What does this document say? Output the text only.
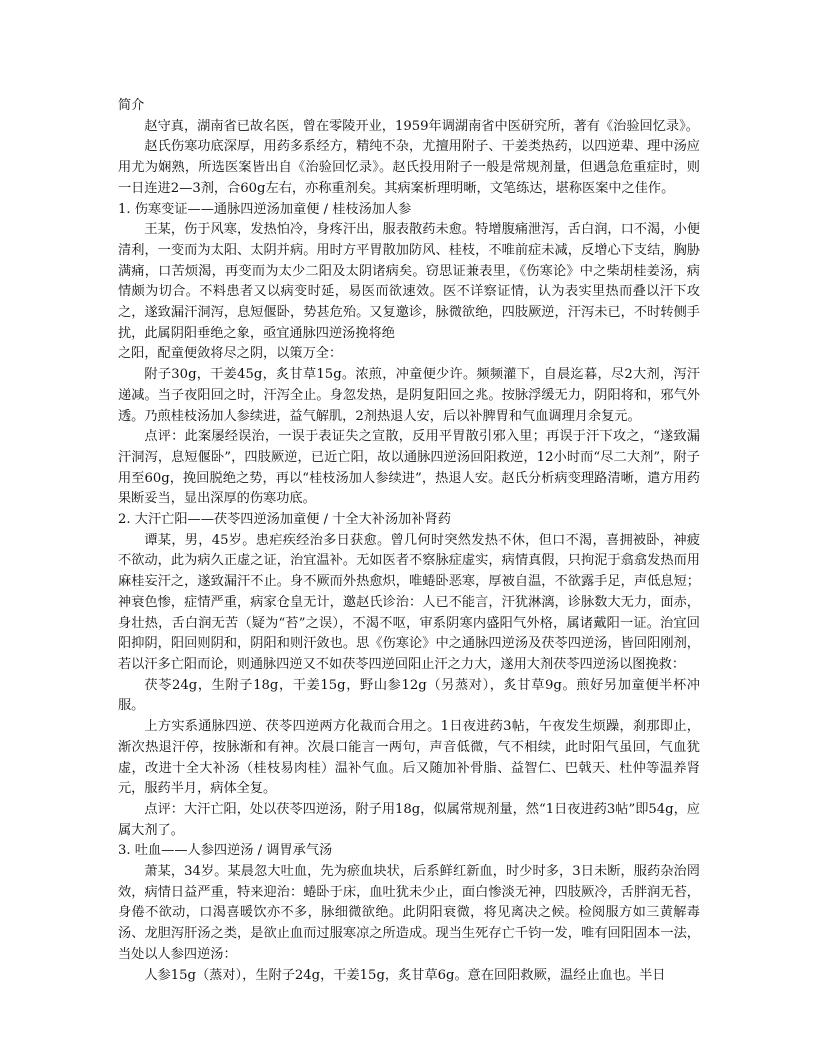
简介

赵守真，湖南省已故名医，曾在零陵开业，1959年调湖南省中医研究所，著有《治验回忆录》。

赵氏伤寒功底深厚，用药多系经方，精纯不杂，尤擅用附子、干姜类热药，以四逆辈、理中汤应用尤为娴熟，所选医案皆出自《治验回忆录》。赵氏投用附子一般是常规剂量，但遇急危重症时，则一日连进2—3剂，合60g左右，亦称重剂矣。其病案析理明晰，文笔练达，堪称医案中之佳作。

1. 伤寒变证——通脉四逆汤加童便 / 桂枝汤加人参

王某，伤于风寒，发热怕冷，身疼汗出，服表散药未愈。特增腹痛泄泻，舌白润，口不渴，小便清利，一变而为太阳、太阴并病。用时方平胃散加防风、桂枝，不唯前症未减，反增心下支结，胸胁满痛，口苦烦渴，再变而为太少二阳及太阴诸病矣。窃思证兼表里，《伤寒论》中之柴胡桂姜汤，病情颇为切合。不料患者又以病变时延，易医而欲速效。医不详察证情，认为表实里热而叠以汗下攻之，遂致漏汗洞泻，息短偃卧，势甚危殆。又复邀诊，脉微欲绝，四肢厥逆，汗泻未已，不时转侧手扰，此属阴阳垂绝之象，亟宜通脉四逆汤挽将绝

之阳，配童便敛将尽之阴，以策万全：

附子30g，干姜45g，炙甘草15g。浓煎，冲童便少许。频频灌下，自晨迄暮，尽2大剂，泻汗递减。当子夜阳回之时，汗泻全止。身忽发热，是阴复阳回之兆。按脉浮缓无力，阴阳将和，邪气外透。乃煎桂枝汤加人参续进，益气解肌，2剂热退人安，后以补脾胃和气血调理月余复元。

点评：此案屡经误治，一误于表证失之宣散，反用平胃散引邪入里；再误于汗下攻之，“遂致漏汗洞泻，息短偃卧”，四肢厥逆，已近亡阳，故以通脉四逆汤回阳救逆，12小时而“尽二大剂”，附子用至60g，挽回脱绝之势，再以“桂枝汤加人参续进”，热退人安。赵氏分析病变理路清晰，遣方用药果断妥当，显出深厚的伤寒功底。

2. 大汗亡阳——茯苓四逆汤加童便 / 十全大补汤加补肾药

谭某，男，45岁。患疟疾经治多日获愈。曾几何时突然发热不休，但口不渴，喜拥被卧，神疲不欲动，此为病久正虚之证，治宜温补。无如医者不察脉症虚实，病情真假，只拘泥于翕翕发热而用麻桂妄汗之，遂致漏汗不止。身不厥而外热愈炽，唯蜷卧恶寒，厚被自温，不欲露手足，声低息短；神衰色惨，症情严重，病家仓皇无计，邀赵氏诊治：人已不能言，汗犹淋漓，诊脉数大无力，面赤，身壮热，舌白润无苦（疑为“苔”之误），不渴不呕，审系阴寒内盛阳气外格，属诸戴阳一证。治宜回阳抑阴，阳回则阴和，阴阳和则汗敛也。思《伤寒论》中之通脉四逆汤及茯苓四逆汤，皆回阳刚剂，若以汗多亡阳而论，则通脉四逆又不如茯苓四逆回阳止汗之力大，遂用大剂茯苓四逆汤以图挽救：

茯苓24g，生附子18g，干姜15g，野山参12g（另蒸对），炙甘草9g。煎好另加童便半杯冲服。

上方实系通脉四逆、茯苓四逆两方化裁而合用之。1日夜进药3帖，午夜发生烦躁，刹那即止，渐次热退汗停，按脉渐和有神。次晨口能言一两句，声音低微，气不相续，此时阳气虽回，气血犹虚，改进十全大补汤（桂枝易肉桂）温补气血。后又随加补骨脂、益智仁、巴戟天、杜仲等温养肾元，服药半月，病体全复。

点评：大汗亡阳，处以茯苓四逆汤，附子用18g，似属常规剂量，然“1日夜进药3帖”即54g，应属大剂了。

3. 吐血——人参四逆汤 / 调胃承气汤

萧某，34岁。某晨忽大吐血，先为瘀血块状，后系鲜红新血，时少时多，3日未断，服药杂治罔效，病情日益严重，特来迎治：蜷卧于床，血吐犹未少止，面白惨淡无神，四肢厥冷，舌胖润无苔，身倦不欲动，口渴喜暖饮亦不多，脉细微欲绝。此阴阳衰微，将见离决之候。检阅服方如三黄解毒汤、龙胆泻肝汤之类，是欲止血而过服寒凉之所造成。现当生死存亡千钧一发，唯有回阳固本一法，当处以人参四逆汤：

人参15g（蒸对），生附子24g，干姜15g，炙甘草6g。意在回阳救厥，温经止血也。半日
